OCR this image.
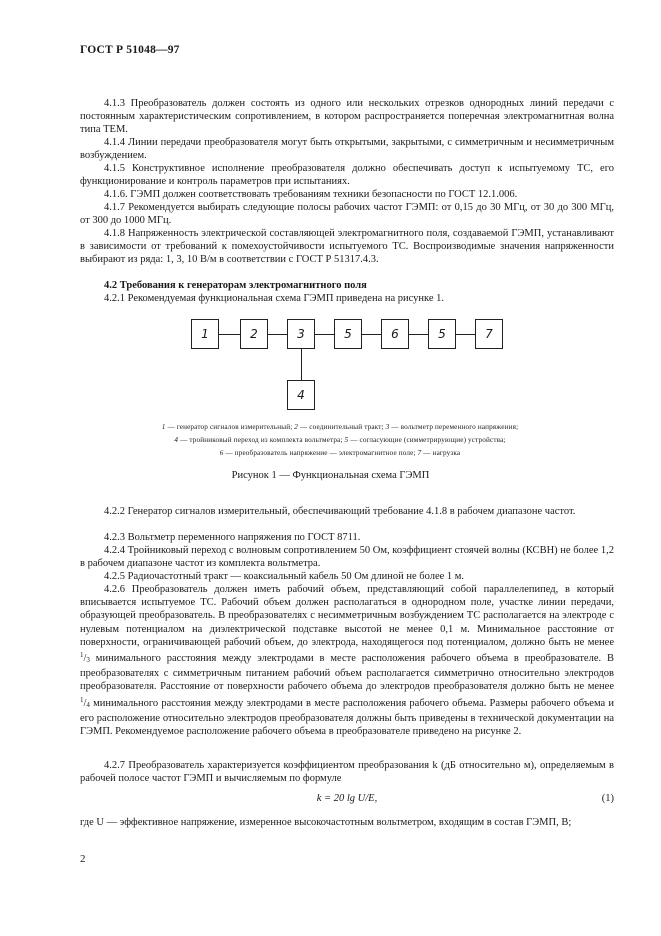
ГОСТ Р 51048—97
4.1.3 Преобразователь должен состоять из одного или нескольких отрезков однородных линий передачи с постоянным характеристическим сопротивлением, в котором распространяется поперечная электромагнитная волна типа TEM.
4.1.4 Линии передачи преобразователя могут быть открытыми, закрытыми, с симметричным и несимметричным возбуждением.
4.1.5 Конструктивное исполнение преобразователя должно обеспечивать доступ к испытуемому ТС, его функционирование и контроль параметров при испытаниях.
4.1.6. ГЭМП должен соответствовать требованиям техники безопасности по ГОСТ 12.1.006.
4.1.7 Рекомендуется выбирать следующие полосы рабочих частот ГЭМП: от 0,15 до 30 МГц, от 30 до 300 МГц, от 300 до 1000 МГц.
4.1.8 Напряженность электрической составляющей электромагнитного поля, создаваемой ГЭМП, устанавливают в зависимости от требований к помехоустойчивости испытуемого ТС. Воспроизводимые значения напряженности выбирают из ряда: 1, 3, 10 В/м в соответствии с ГОСТ Р 51317.4.3.
4.2 Требования к генераторам электромагнитного поля
4.2.1 Рекомендуемая функциональная схема ГЭМП приведена на рисунке 1.
1	2	3	5	6	5	7
4
1 — генератор сигналов измерительный; 2 — соединительный тракт; 3 — вольтметр переменного напряжения;
4 — тройниковый переход из комплекта вольтметра; 5 — согласующие (симметрирующие) устройства;
6 — преобразователь напряжение — электромагнитное поле; 7 — нагрузка
Рисунок 1 — Функциональная схема ГЭМП
4.2.2 Генератор сигналов измерительный, обеспечивающий требование 4.1.8 в рабочем диапазоне частот.
4.2.3 Вольтметр переменного напряжения по ГОСТ 8711.
4.2.4 Тройниковый переход с волновым сопротивлением 50 Ом, коэффициент стоячей волны (КСВН) не более 1,2 в рабочем диапазоне частот из комплекта вольтметра.
4.2.5 Радиочастотный тракт — коаксиальный кабель 50 Ом длиной не более 1 м.
4.2.6 Преобразователь должен иметь рабочий объем, представляющий собой параллелепипед, в который вписывается испытуемое ТС. Рабочий объем должен располагаться в однородном поле, участке линии передачи, образующей преобразователь. В преобразователях с несимметричным возбуждением ТС располагается на электроде с нулевым потенциалом на диэлектрической подставке высотой не менее 0,1 м. Минимальное расстояние от поверхности, ограничивающей рабочий объем, до электрода, находящегося под потенциалом, должно быть не менее $^1/_3$ минимального расстояния между электродами в месте расположения рабочего объема в преобразователе. В преобразователях с симметричным питанием рабочий объем располагается симметрично относительно электродов преобразователя. Расстояние от поверхности рабочего объема до электродов преобразователя должно быть не менее $^1/_4$ минимального расстояния между электродами в месте расположения рабочего объема. Размеры рабочего объема и его расположение относительно электродов преобразователя должны быть приведены в технической документации на ГЭМП. Рекомендуемое расположение рабочего объема в преобразователе приведено на рисунке 2.
4.2.7 Преобразователь характеризуется коэффициентом преобразования k (дБ относительно м), определяемым в рабочей полосе частот ГЭМП и вычисляемым по формуле
k = 20 lg U/E,	(1)
где U — эффективное напряжение, измеренное высокочастотным вольтметром, входящим в состав ГЭМП, В;
2
